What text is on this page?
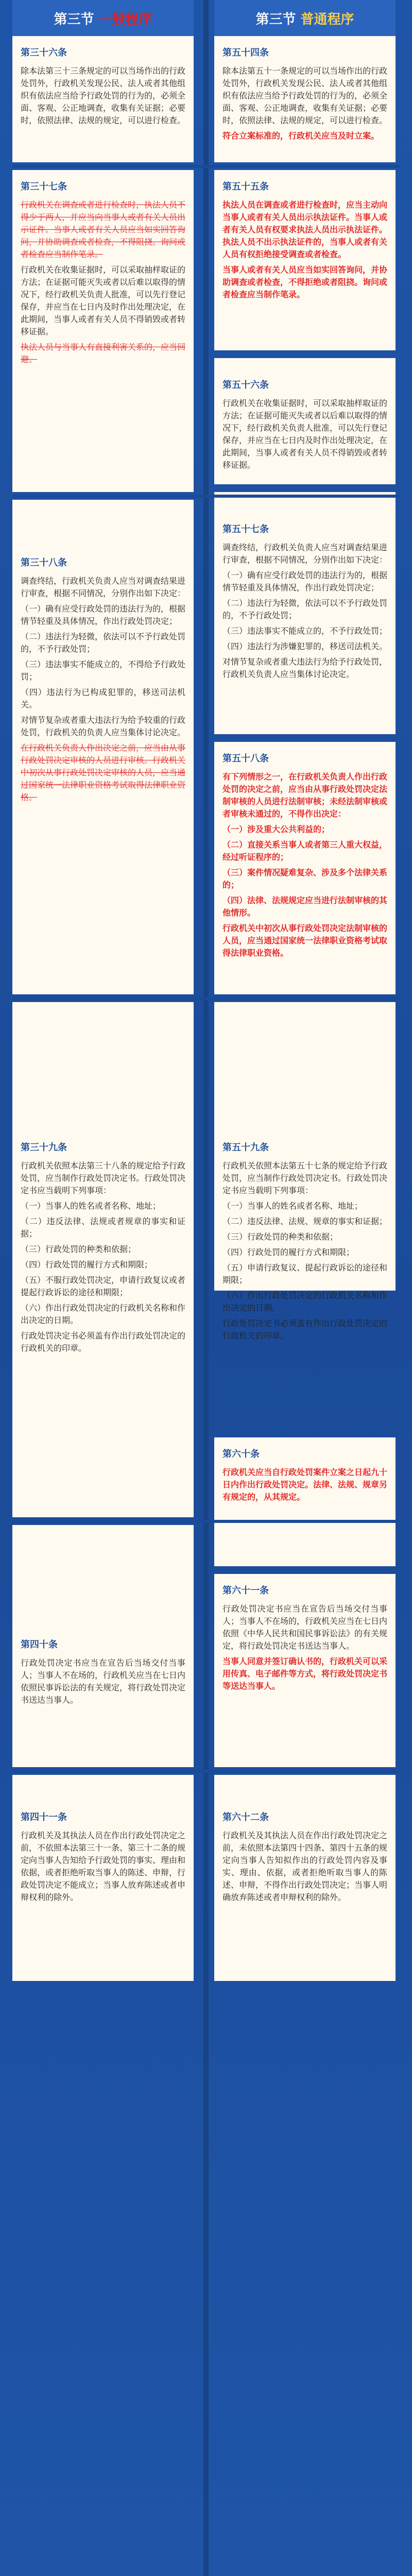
第三节
一般程序
第三十六条
除本法第三十三条规定的可以当场作出的行政处罚外，行政机关发现公民、法人或者其他组织有依法应当给予行政处罚的行为的，必须全面、客观、公正地调查，收集有关证据；必要时，依照法律、法规的规定，可以进行检查。
第三十七条
行政机关在调查或者进行检查时，执法人员不得少于两人，并应当向当事人或者有关人员出示证件。当事人或者有关人员应当如实回答询问，并协助调查或者检查，不得阻挠。询问或者检查应当制作笔录。
行政机关在收集证据时，可以采取抽样取证的方法；在证据可能灭失或者以后难以取得的情况下，经行政机关负责人批准，可以先行登记保存，并应当在七日内及时作出处理决定，在此期间，当事人或者有关人员不得销毁或者转移证据。
执法人员与当事人有直接利害关系的，应当回避。
第三十八条
调查终结，行政机关负责人应当对调查结果进行审查，根据不同情况，分别作出如下决定：
（一）确有应受行政处罚的违法行为的，根据情节轻重及具体情况，作出行政处罚决定；
（二）违法行为轻微，依法可以不予行政处罚的，不予行政处罚；
（三）违法事实不能成立的，不得给予行政处罚；
（四）违法行为已构成犯罪的，移送司法机关。
对情节复杂或者重大违法行为给予较重的行政处罚，行政机关的负责人应当集体讨论决定。
在行政机关负责人作出决定之前，应当由从事行政处罚决定审核的人员进行审核。行政机关中初次从事行政处罚决定审核的人员，应当通过国家统一法律职业资格考试取得法律职业资格。
第三十九条
行政机关依照本法第三十八条的规定给予行政处罚，应当制作行政处罚决定书。行政处罚决定书应当载明下列事项：
（一）当事人的姓名或者名称、地址；
（二）违反法律、法规或者规章的事实和证据；
（三）行政处罚的种类和依据；
（四）行政处罚的履行方式和期限；
（五）不服行政处罚决定，申请行政复议或者提起行政诉讼的途径和期限；
（六）作出行政处罚决定的行政机关名称和作出决定的日期。
行政处罚决定书必须盖有作出行政处罚决定的行政机关的印章。
第四十条
行政处罚决定书应当在宣告后当场交付当事人；当事人不在场的，行政机关应当在七日内依照民事诉讼法的有关规定，将行政处罚决定书送达当事人。
第四十一条
行政机关及其执法人员在作出行政处罚决定之前，不依照本法第三十一条、第三十二条的规定向当事人告知给予行政处罚的事实、理由和依据，或者拒绝听取当事人的陈述、申辩，行政处罚决定不能成立；当事人放弃陈述或者申辩权利的除外。
第三节
普通程序
第五十四条
除本法第五十一条规定的可以当场作出的行政处罚外，行政机关发现公民、法人或者其他组织有依法应当给予行政处罚的行为的，必须全面、客观、公正地调查，收集有关证据；必要时，依照法律、法规的规定，可以进行检查。
符合立案标准的，行政机关应当及时立案。
第五十五条
执法人员在调查或者进行检查时，应当主动向当事人或者有关人员出示执法证件。当事人或者有关人员有权要求执法人员出示执法证件。执法人员不出示执法证件的，当事人或者有关人员有权拒绝接受调查或者检查。
当事人或者有关人员应当如实回答询问，并协助调查或者检查，不得拒绝或者阻挠。询问或者检查应当制作笔录。
第五十六条
行政机关在收集证据时，可以采取抽样取证的方法；在证据可能灭失或者以后难以取得的情况下，经行政机关负责人批准，可以先行登记保存，并应当在七日内及时作出处理决定，在此期间，当事人或者有关人员不得销毁或者转移证据。
第五十七条
调查终结，行政机关负责人应当对调查结果进行审查，根据不同情况，分别作出如下决定：
（一）确有应受行政处罚的违法行为的，根据情节轻重及具体情况，作出行政处罚决定；
（二）违法行为轻微，依法可以不予行政处罚的，不予行政处罚；
（三）违法事实不能成立的，不予行政处罚；
（四）违法行为涉嫌犯罪的，移送司法机关。
对情节复杂或者重大违法行为给予行政处罚，行政机关负责人应当集体讨论决定。
第五十八条
有下列情形之一，在行政机关负责人作出行政处罚的决定之前，应当由从事行政处罚决定法制审核的人员进行法制审核；未经法制审核或者审核未通过的，不得作出决定：
（一）涉及重大公共利益的；
（二）直接关系当事人或者第三人重大权益，经过听证程序的；
（三）案件情况疑难复杂、涉及多个法律关系的；
（四）法律、法规规定应当进行法制审核的其他情形。
行政机关中初次从事行政处罚决定法制审核的人员，应当通过国家统一法律职业资格考试取得法律职业资格。
第五十九条
行政机关依照本法第五十七条的规定给予行政处罚，应当制作行政处罚决定书。行政处罚决定书应当载明下列事项：
（一）当事人的姓名或者名称、地址；
（二）违反法律、法规、规章的事实和证据；
（三）行政处罚的种类和依据；
（四）行政处罚的履行方式和期限；
（五）申请行政复议、提起行政诉讼的途径和期限；
（六）作出行政处罚决定的行政机关名称和作出决定的日期。
行政处罚决定书必须盖有作出行政处罚决定的行政机关的印章。
第六十条
行政机关应当自行政处罚案件立案之日起九十日内作出行政处罚决定。法律、法规、规章另有规定的，从其规定。
第六十一条
行政处罚决定书应当在宣告后当场交付当事人；当事人不在场的，行政机关应当在七日内依照《中华人民共和国民事诉讼法》的有关规定，将行政处罚决定书送达当事人。
当事人同意并签订确认书的，行政机关可以采用传真、电子邮件等方式，将行政处罚决定书等送达当事人。
第六十二条
行政机关及其执法人员在作出行政处罚决定之前，未依照本法第四十四条、第四十五条的规定向当事人告知拟作出的行政处罚内容及事实、理由、依据，或者拒绝听取当事人的陈述、申辩，不得作出行政处罚决定；当事人明确放弃陈述或者申辩权利的除外。
